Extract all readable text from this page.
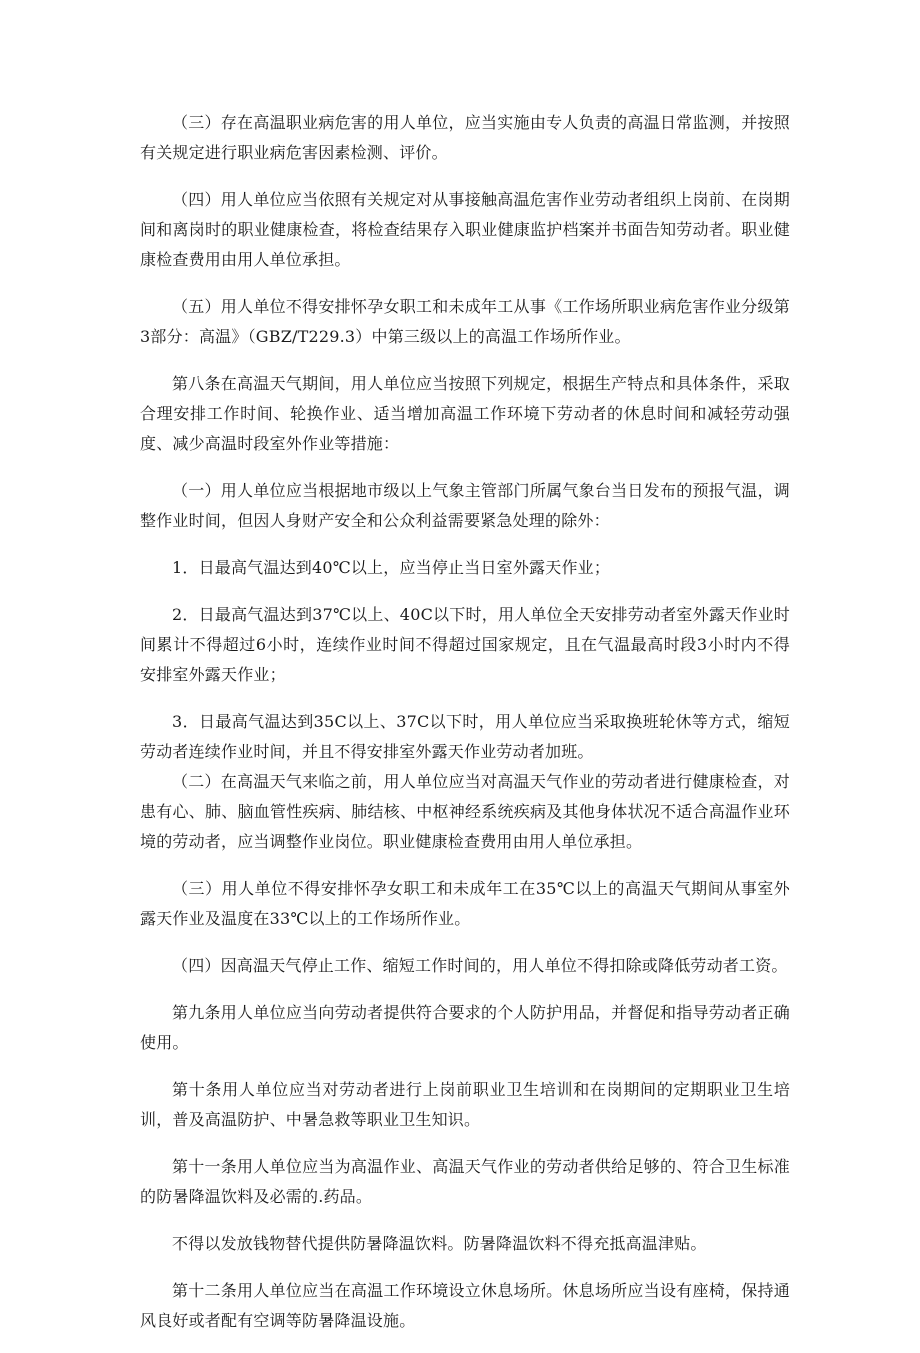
（三）存在高温职业病危害的用人单位，应当实施由专人负责的高温日常监测，并按照有关规定进行职业病危害因素检测、评价。

（四）用人单位应当依照有关规定对从事接触高温危害作业劳动者组织上岗前、在岗期间和离岗时的职业健康检查，将检查结果存入职业健康监护档案并书面告知劳动者。职业健康检查费用由用人单位承担。

（五）用人单位不得安排怀孕女职工和未成年工从事《工作场所职业病危害作业分级第3部分：高温》（GBZ/T229.3）中第三级以上的高温工作场所作业。

第八条在高温天气期间，用人单位应当按照下列规定，根据生产特点和具体条件，采取合理安排工作时间、轮换作业、适当增加高温工作环境下劳动者的休息时间和减轻劳动强度、减少高温时段室外作业等措施：

（一）用人单位应当根据地市级以上气象主管部门所属气象台当日发布的预报气温，调整作业时间，但因人身财产安全和公众利益需要紧急处理的除外：

1．日最高气温达到40℃以上，应当停止当日室外露天作业；

2．日最高气温达到37℃以上、40C以下时，用人单位全天安排劳动者室外露天作业时间累计不得超过6小时，连续作业时间不得超过国家规定，且在气温最高时段3小时内不得安排室外露天作业；

3．日最高气温达到35C以上、37C以下时，用人单位应当采取换班轮休等方式，缩短劳动者连续作业时间，并且不得安排室外露天作业劳动者加班。

（二）在高温天气来临之前，用人单位应当对高温天气作业的劳动者进行健康检查，对患有心、肺、脑血管性疾病、肺结核、中枢神经系统疾病及其他身体状况不适合高温作业环境的劳动者，应当调整作业岗位。职业健康检查费用由用人单位承担。

（三）用人单位不得安排怀孕女职工和未成年工在35℃以上的高温天气期间从事室外露天作业及温度在33℃以上的工作场所作业。

（四）因高温天气停止工作、缩短工作时间的，用人单位不得扣除或降低劳动者工资。

第九条用人单位应当向劳动者提供符合要求的个人防护用品，并督促和指导劳动者正确使用。

第十条用人单位应当对劳动者进行上岗前职业卫生培训和在岗期间的定期职业卫生培训，普及高温防护、中暑急救等职业卫生知识。

第十一条用人单位应当为高温作业、高温天气作业的劳动者供给足够的、符合卫生标准的防暑降温饮料及必需的.药品。

不得以发放钱物替代提供防暑降温饮料。防暑降温饮料不得充抵高温津贴。

第十二条用人单位应当在高温工作环境设立休息场所。休息场所应当设有座椅，保持通风良好或者配有空调等防暑降温设施。
